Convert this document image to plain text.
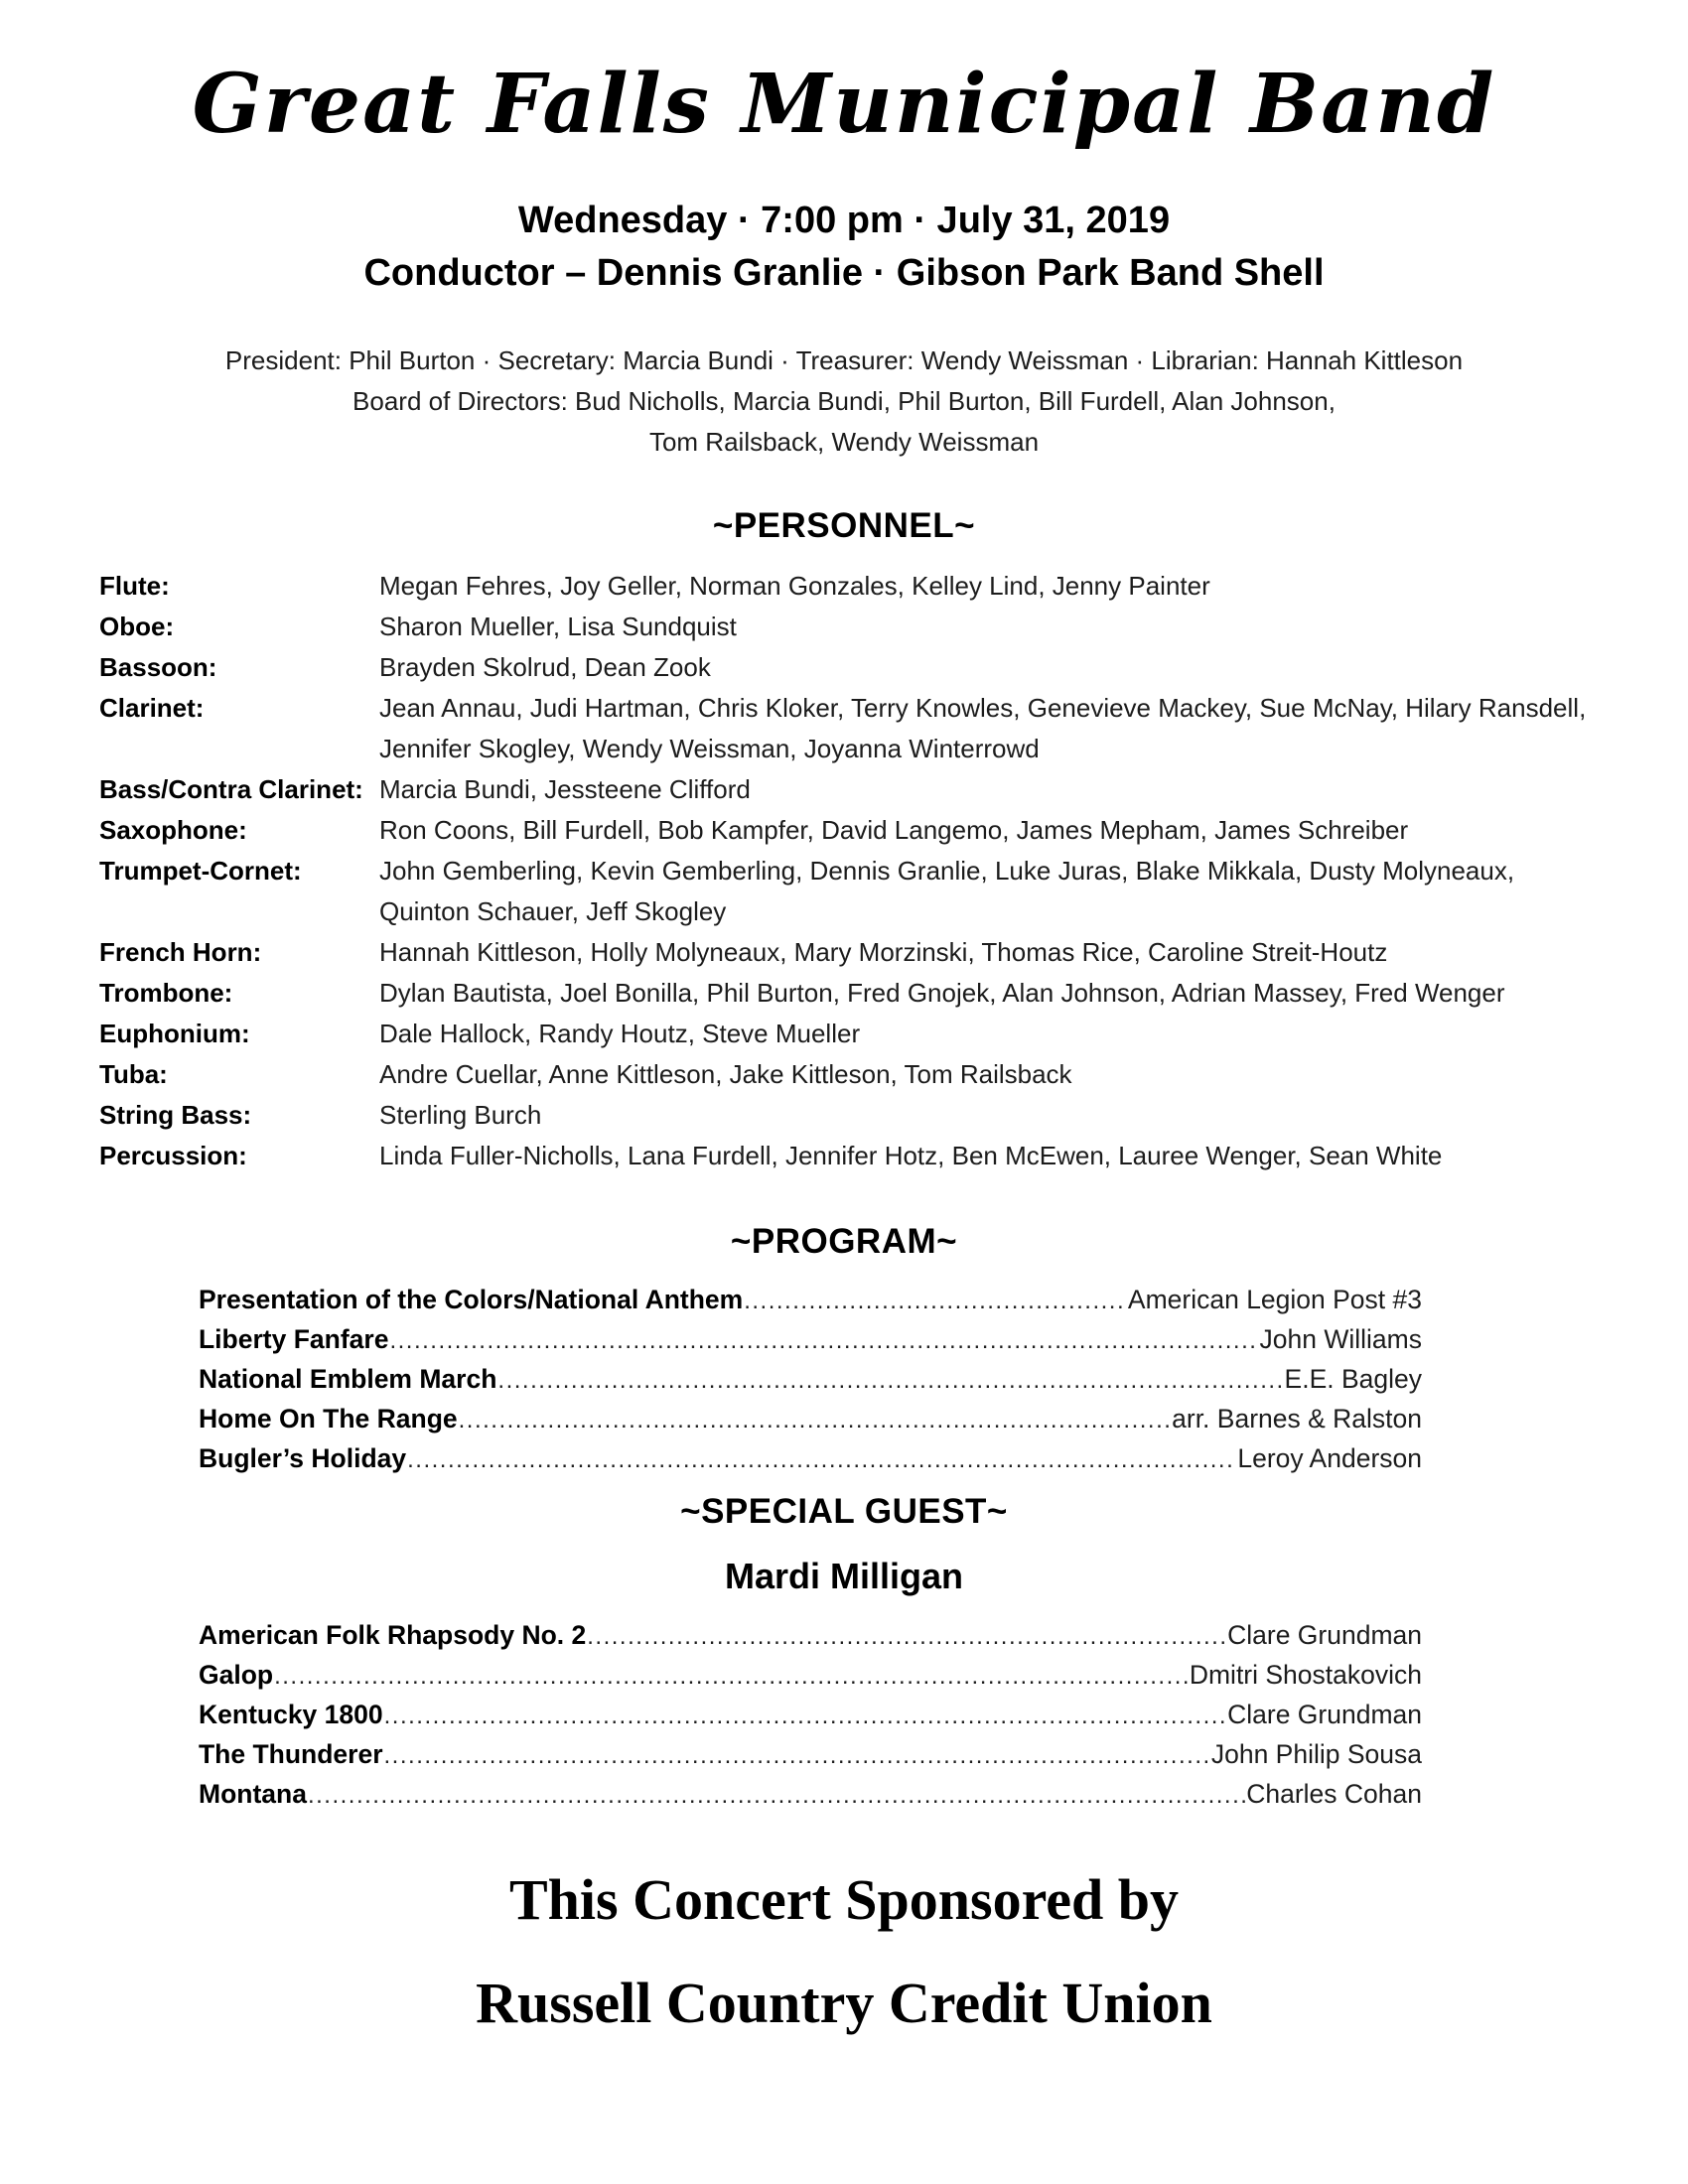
Great Falls Municipal Band
Wednesday · 7:00 pm · July 31, 2019
Conductor – Dennis Granlie · Gibson Park Band Shell
President: Phil Burton · Secretary: Marcia Bundi · Treasurer: Wendy Weissman · Librarian: Hannah Kittleson
Board of Directors: Bud Nicholls, Marcia Bundi, Phil Burton, Bill Furdell, Alan Johnson,
Tom Railsback, Wendy Weissman
~PERSONNEL~
Flute:	Megan Fehres, Joy Geller, Norman Gonzales, Kelley Lind, Jenny Painter
Oboe:	Sharon Mueller, Lisa Sundquist
Bassoon:	Brayden Skolrud, Dean Zook
Clarinet:	Jean Annau, Judi Hartman, Chris Kloker, Terry Knowles, Genevieve Mackey, Sue McNay, Hilary Ransdell, Jennifer Skogley, Wendy Weissman, Joyanna Winterrowd
Bass/Contra Clarinet: Marcia Bundi, Jessteene Clifford
Saxophone:	Ron Coons, Bill Furdell, Bob Kampfer, David Langemo, James Mepham, James Schreiber
Trumpet-Cornet:	John Gemberling, Kevin Gemberling, Dennis Granlie, Luke Juras, Blake Mikkala, Dusty Molyneaux, Quinton Schauer, Jeff Skogley
French Horn:	Hannah Kittleson, Holly Molyneaux, Mary Morzinski, Thomas Rice, Caroline Streit-Houtz
Trombone:	Dylan Bautista, Joel Bonilla, Phil Burton, Fred Gnojek, Alan Johnson, Adrian Massey, Fred Wenger
Euphonium:	Dale Hallock, Randy Houtz, Steve Mueller
Tuba:	Andre Cuellar, Anne Kittleson, Jake Kittleson, Tom Railsback
String Bass:	Sterling Burch
Percussion:	Linda Fuller-Nicholls, Lana Furdell, Jennifer Hotz, Ben McEwen, Lauree Wenger, Sean White
~PROGRAM~
Presentation of the Colors/National Anthem .....	American Legion Post #3
Liberty Fanfare .....	John Williams
National Emblem March .....	E.E. Bagley
Home On The Range .....	arr. Barnes & Ralston
Bugler’s Holiday .....	Leroy Anderson
~SPECIAL GUEST~
Mardi Milligan
American Folk Rhapsody No. 2 .....	Clare Grundman
Galop .....	Dmitri Shostakovich
Kentucky 1800 .....	Clare Grundman
The Thunderer .....	John Philip Sousa
Montana .....	Charles Cohan
This Concert Sponsored by
Russell Country Credit Union
